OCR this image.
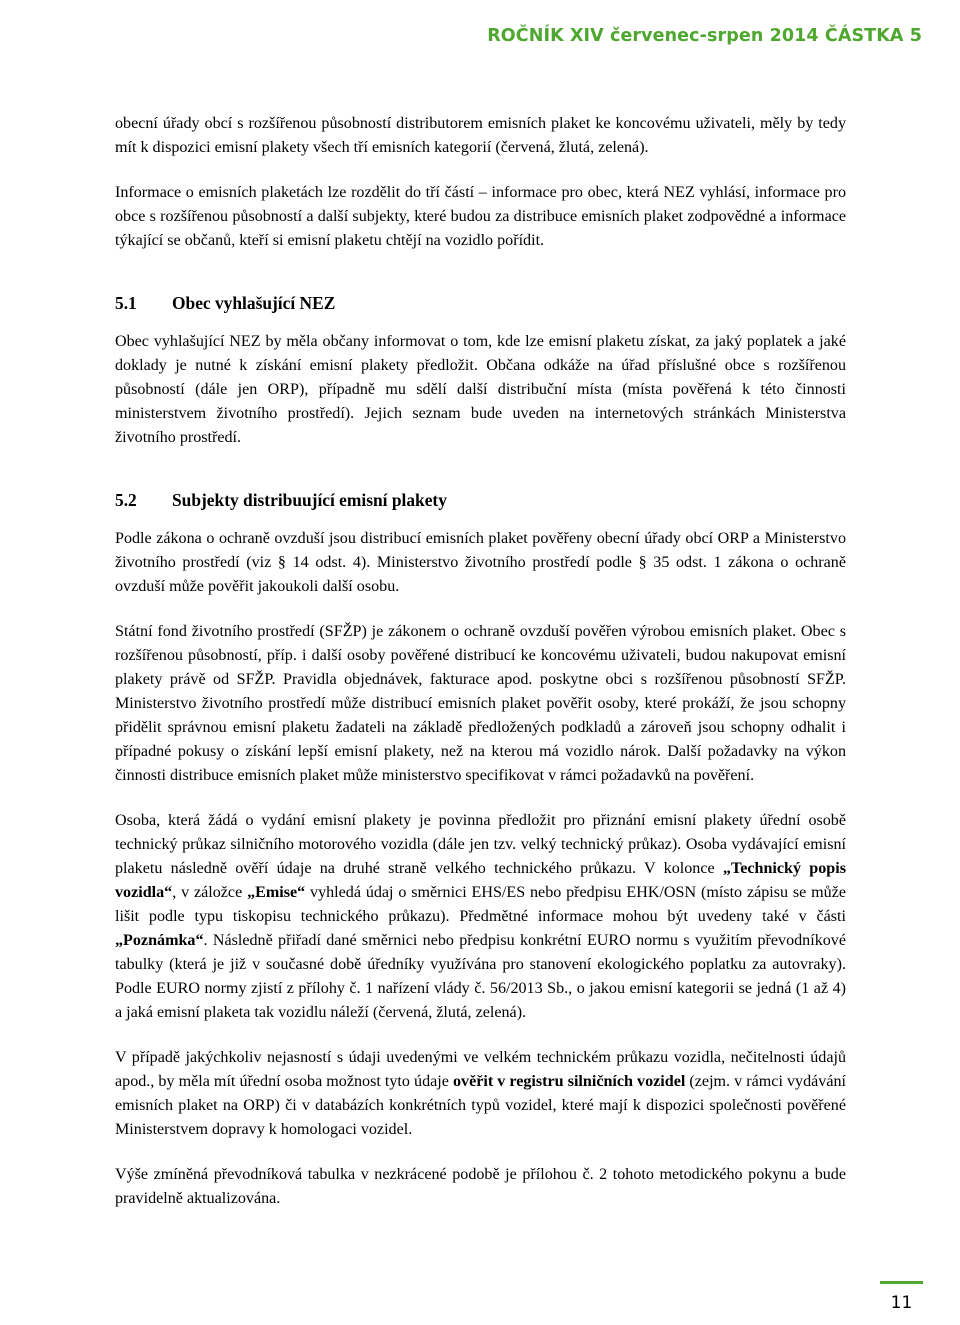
ROČNÍK XIV červenec-srpen 2014 ČÁSTKA 5

obecní úřady obcí s rozšířenou působností distributorem emisních plaket ke koncovému uživateli, měly by tedy mít k dispozici emisní plakety všech tří emisních kategorií (červená, žlutá, zelená).

Informace o emisních plaketách lze rozdělit do tří částí – informace pro obec, která NEZ vyhlásí, informace pro obce s rozšířenou působností a další subjekty, které budou za distribuce emisních plaket zodpovědné a informace týkající se občanů, kteří si emisní plaketu chtějí na vozidlo pořídit.

5.1	Obec vyhlašující NEZ

Obec vyhlašující NEZ by měla občany informovat o tom, kde lze emisní plaketu získat, za jaký poplatek a jaké doklady je nutné k získání emisní plakety předložit. Občana odkáže na úřad příslušné obce s rozšířenou působností (dále jen ORP), případně mu sdělí další distribuční místa (místa pověřená k této činnosti ministerstvem životního prostředí). Jejich seznam bude uveden na internetových stránkách Ministerstva životního prostředí.

5.2	Subjekty distribuující emisní plakety

Podle zákona o ochraně ovzduší jsou distribucí emisních plaket pověřeny obecní úřady obcí ORP a Ministerstvo životního prostředí (viz § 14 odst. 4). Ministerstvo životního prostředí podle § 35 odst. 1 zákona o ochraně ovzduší může pověřit jakoukoli další osobu.

Státní fond životního prostředí (SFŽP) je zákonem o ochraně ovzduší pověřen výrobou emisních plaket. Obec s rozšířenou působností, příp. i další osoby pověřené distribucí ke koncovému uživateli, budou nakupovat emisní plakety právě od SFŽP. Pravidla objednávek, fakturace apod. poskytne obci s rozšířenou působností SFŽP. Ministerstvo životního prostředí může distribucí emisních plaket pověřit osoby, které prokáží, že jsou schopny přidělit správnou emisní plaketu žadateli na základě předložených podkladů a zároveň jsou schopny odhalit i případné pokusy o získání lepší emisní plakety, než na kterou má vozidlo nárok. Další požadavky na výkon činnosti distribuce emisních plaket může ministerstvo specifikovat v rámci požadavků na pověření.

Osoba, která žádá o vydání emisní plakety je povinna předložit pro přiznání emisní plakety úřední osobě technický průkaz silničního motorového vozidla (dále jen tzv. velký technický průkaz). Osoba vydávající emisní plaketu následně ověří údaje na druhé straně velkého technického průkazu. V kolonce „Technický popis vozidla“, v záložce „Emise“ vyhledá údaj o směrnici EHS/ES nebo předpisu EHK/OSN (místo zápisu se může lišit podle typu tiskopisu technického průkazu). Předmětné informace mohou být uvedeny také v části „Poznámka“. Následně přiřadí dané směrnici nebo předpisu konkrétní EURO normu s využitím převodníkové tabulky (která je již v současné době úředníky využívána pro stanovení ekologického poplatku za autovraky). Podle EURO normy zjistí z přílohy č. 1 nařízení vlády č. 56/2013 Sb., o jakou emisní kategorii se jedná (1 až 4) a jaká emisní plaketa tak vozidlu náleží (červená, žlutá, zelená).

V případě jakýchkoliv nejasností s údaji uvedenými ve velkém technickém průkazu vozidla, nečitelnosti údajů apod., by měla mít úřední osoba možnost tyto údaje ověřit v registru silničních vozidel (zejm. v rámci vydávání emisních plaket na ORP) či v databázích konkrétních typů vozidel, které mají k dispozici společnosti pověřené Ministerstvem dopravy k homologaci vozidel.

Výše zmíněná převodníková tabulka v nezkrácené podobě je přílohou č. 2 tohoto metodického pokynu a bude pravidelně aktualizována.

11
